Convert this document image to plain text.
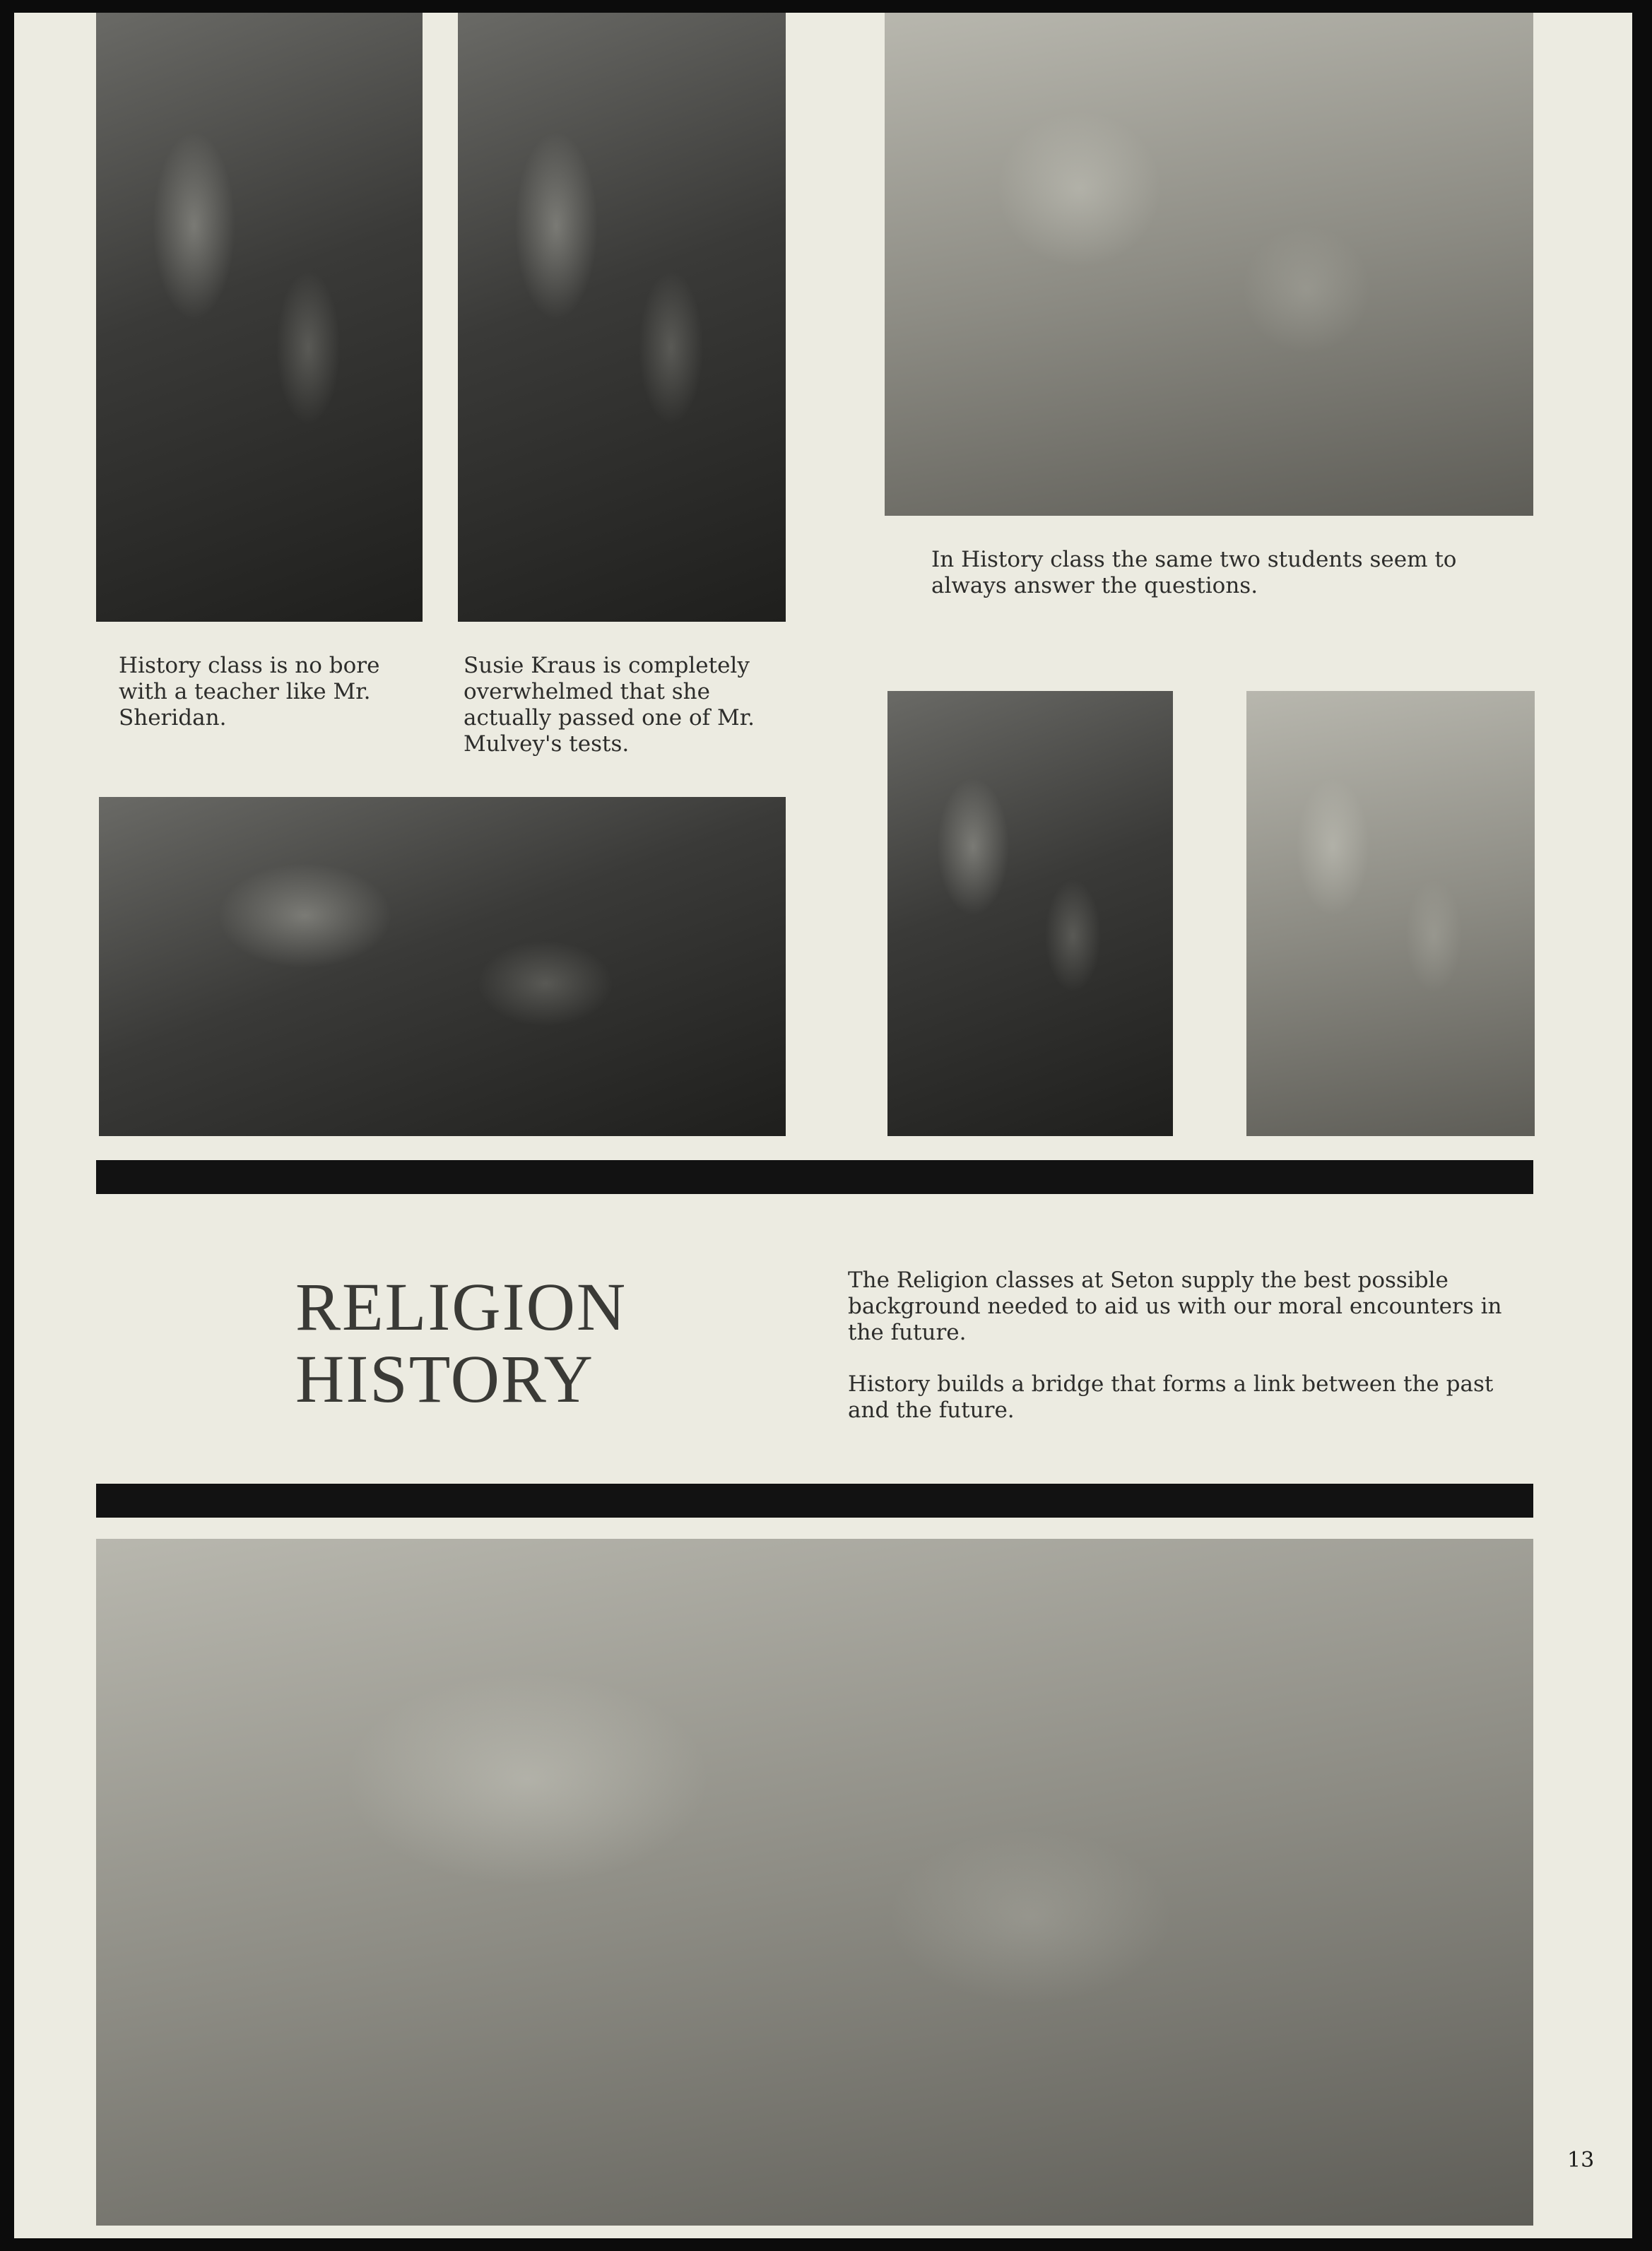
History class is no bore with a teacher like Mr. Sheridan.
Susie Kraus is completely overwhelmed that she actually passed one of Mr. Mulvey's tests.
In History class the same two students seem to always answer the questions.
RELIGION
HISTORY

The Religion classes at Seton supply the best possible background needed to aid us with our moral encounters in the future.

History builds a bridge that forms a link between the past and the future.

13
